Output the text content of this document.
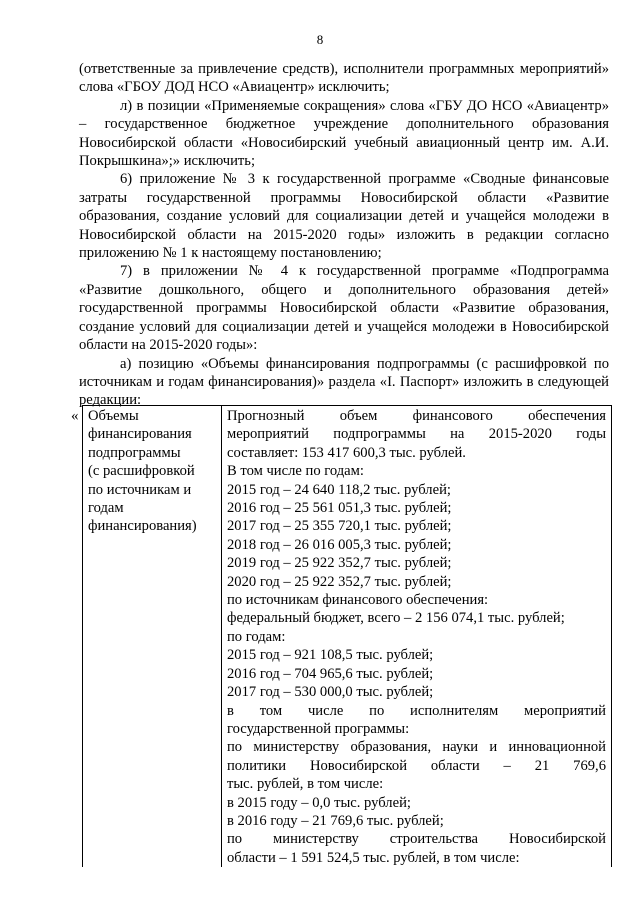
8

(ответственные за привлечение средств), исполнители программных мероприятий» слова «ГБОУ ДОД НСО «Авиацентр» исключить;

л) в позиции «Применяемые сокращения» слова «ГБУ ДО НСО «Авиацентр» – государственное бюджетное учреждение дополнительного образования Новосибирской области «Новосибирский учебный авиационный центр им. А.И. Покрышкина»;» исключить;

6) приложение № 3 к государственной программе «Сводные финансовые затраты государственной программы Новосибирской области «Развитие образования, создание условий для социализации детей и учащейся молодежи в Новосибирской области на 2015-2020 годы» изложить в редакции согласно приложению № 1 к настоящему постановлению;

7) в приложении № 4 к государственной программе «Подпрограмма «Развитие дошкольного, общего и дополнительного образования детей» государственной программы Новосибирской области «Развитие образования, создание условий для социализации детей и учащейся молодежи в Новосибирской области на 2015-2020 годы»:

а) позицию «Объемы финансирования подпрограммы (с расшифровкой по источникам и годам финансирования)» раздела «I. Паспорт» изложить в следующей редакции:

« Объемы
финансирования
подпрограммы
(с расшифровкой
по источникам и
годам
финансирования)

Прогнозный объем финансового обеспечения
мероприятий подпрограммы на 2015-2020 годы
составляет: 153 417 600,3 тыс. рублей.
В том числе по годам:
2015 год – 24 640 118,2 тыс. рублей;
2016 год – 25 561 051,3 тыс. рублей;
2017 год – 25 355 720,1 тыс. рублей;
2018 год – 26 016 005,3 тыс. рублей;
2019 год – 25 922 352,7 тыс. рублей;
2020 год – 25 922 352,7 тыс. рублей;
по источникам финансового обеспечения:
федеральный бюджет, всего – 2 156 074,1 тыс. рублей;
по годам:
2015 год – 921 108,5 тыс. рублей;
2016 год – 704 965,6 тыс. рублей;
2017 год – 530 000,0 тыс. рублей;
в том числе по исполнителям мероприятий
государственной программы:
по министерству образования, науки и инновационной
политики Новосибирской области – 21 769,6
тыс. рублей, в том числе:
в 2015 году – 0,0 тыс. рублей;
в 2016 году – 21 769,6 тыс. рублей;
по министерству строительства Новосибирской
области – 1 591 524,5 тыс. рублей, в том числе:
